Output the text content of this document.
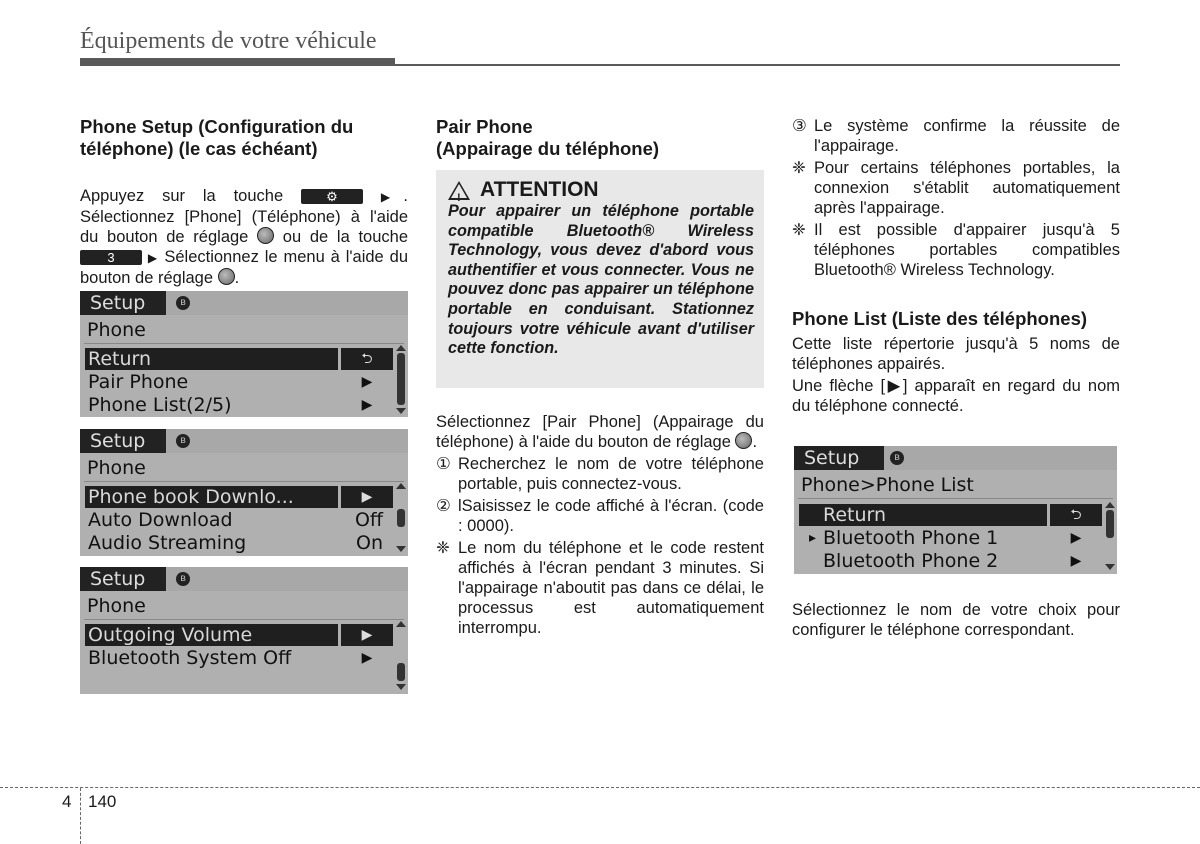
Équipements de votre véhicule
Phone Setup (Configuration du téléphone) (le cas échéant)

Appuyez sur la touche	⚙	▶. Sélectionnez [Phone] (Téléphone) à l'aide du bouton de réglage ou de la touche 3	▶ Sélectionnez le menu à l'aide du bouton de réglage .

Setup	ʙ
Phone
Return	⮌
Pair Phone	▶
Phone List(2/5)	▶
Setup	ʙ
Phone
Phone book Downlo...	▶
Auto Download	Off
Audio Streaming	On
Setup	ʙ
Phone
Outgoing Volume	▶
Bluetooth System Off	▶
Pair Phone
(Appairage du téléphone)
! ATTENTION
Pour appairer un téléphone portable compatible Bluetooth® Wireless Technology, vous devez d'abord vous authentifier et vous connecter. Vous ne pouvez donc pas appairer un téléphone portable en conduisant. Stationnez toujours votre véhicule avant d'utiliser cette fonction.

Sélectionnez [Pair Phone] (Appairage du téléphone) à l'aide du bouton de réglage .

① Recherchez le nom de votre téléphone portable, puis connectez-vous.
② lSaisissez le code affiché à l'écran. (code : 0000).
❈ Le nom du téléphone et le code restent affichés à l'écran pendant 3 minutes. Si l'appairage n'aboutit pas dans ce délai, le processus est automatiquement interrompu.
③ Le système confirme la réussite de l'appairage.
❈ Pour certains téléphones portables, la connexion s'établit automatiquement après l'appairage.
❈ Il est possible d'appairer jusqu'à 5 téléphones portables compatibles Bluetooth® Wireless Technology.
Phone List (Liste des téléphones)

Cette liste répertorie jusqu'à 5 noms de téléphones appairés.

Une flèche [▶] apparaît en regard du nom du téléphone connecté.

Setup	ʙ
Phone>Phone List
Return	⮌
▸ Bluetooth Phone 1	▶
Bluetooth Phone 2	▶

Sélectionnez le nom de votre choix pour configurer le téléphone correspondant.

4 140
